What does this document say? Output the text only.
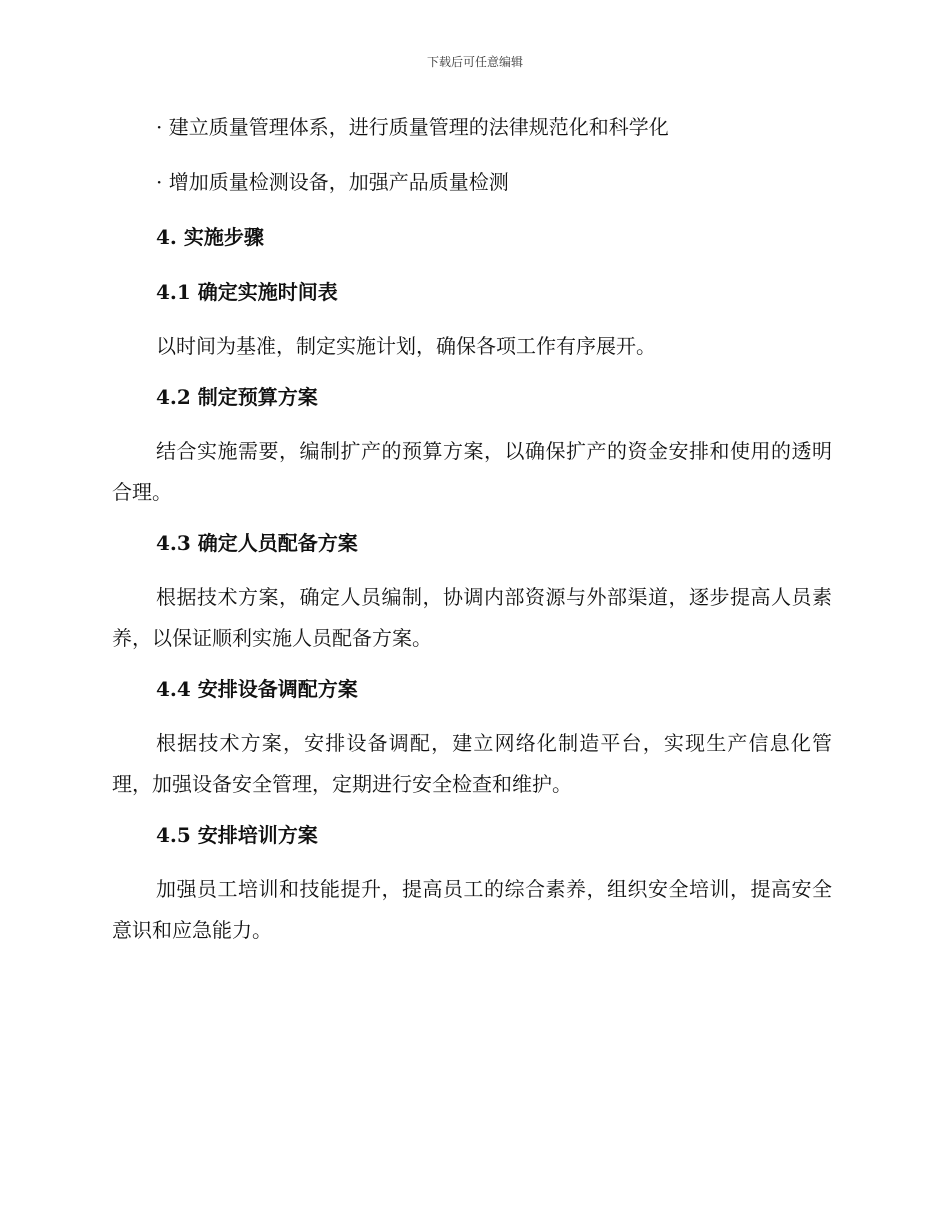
下载后可任意编辑

· 建立质量管理体系，进行质量管理的法律规范化和科学化

· 增加质量检测设备，加强产品质量检测

4. 实施步骤

4.1 确定实施时间表

以时间为基准，制定实施计划，确保各项工作有序展开。

4.2 制定预算方案

结合实施需要，编制扩产的预算方案，以确保扩产的资金安排和使用的透明合理。

4.3 确定人员配备方案

根据技术方案，确定人员编制，协调内部资源与外部渠道，逐步提高人员素养，以保证顺利实施人员配备方案。

4.4 安排设备调配方案

根据技术方案，安排设备调配，建立网络化制造平台，实现生产信息化管理，加强设备安全管理，定期进行安全检查和维护。

4.5 安排培训方案

加强员工培训和技能提升，提高员工的综合素养，组织安全培训，提高安全意识和应急能力。
